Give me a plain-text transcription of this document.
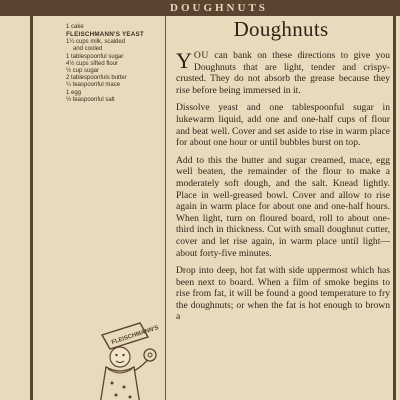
DOUGHNUTS
1 cake
FLEISCHMANN'S YEAST
1¼ cups milk, scalded
and cooled
1 tablespoonful sugar
4½ cups sifted flour
½ cup sugar
2 tablespoonfuls butter
¼ teaspoonful mace
1 egg
½ teaspoonful salt
FLEISCHMANN'S
Doughnuts

YOU can bank on these directions to give you Doughnuts that are light, tender and crispy-crusted. They do not absorb the grease because they rise before being immersed in it.

Dissolve yeast and one tablespoonful sugar in lukewarm liquid, add one and one-half cups of flour and beat well. Cover and set aside to rise in warm place for about one hour or until bubbles burst on top.

Add to this the butter and sugar creamed, mace, egg well beaten, the remainder of the flour to make a moderately soft dough, and the salt. Knead lightly. Place in well-greased bowl. Cover and allow to rise again in warm place for about one and one-half hours. When light, turn on floured board, roll to about one-third inch in thickness. Cut with small doughnut cutter, cover and let rise again, in warm place until light—about forty-five minutes.

Drop into deep, hot fat with side uppermost which has been next to board. When a film of smoke begins to rise from fat, it will be found a good temperature to fry the doughnuts; or when the fat is hot enough to brown a
